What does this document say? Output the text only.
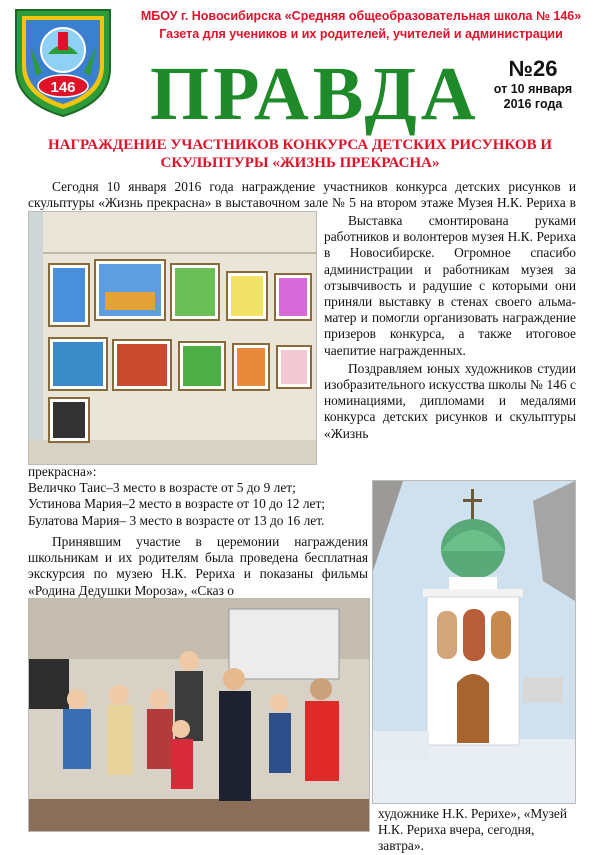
146
МБОУ г. Новосибирска «Средняя общеобразовательная школа № 146»
Газета для учеников и их родителей, учителей и администрации
ПРАВДА	№26
от 10 января
2016 года
НАГРАЖДЕНИЕ УЧАСТНИКОВ КОНКУРСА ДЕТСКИХ РИСУНКОВ И
СКУЛЬПТУРЫ «ЖИЗНЬ ПРЕКРАСНА»

Сегодня 10 января 2016 года награждение участников конкурса детских рисунков и скульптуры «Жизнь прекрасна» в выставочном зале № 5 на втором этаже Музея Н.К. Рериха в

Выставка смонтирована руками работников и волонтеров музея Н.К. Рериха в Новосибирске. Огромное спасибо администрации и работникам музея за отзывчивость и радушие с которыми они приняли выставку в стенах своего альма-матер и помогли организовать награждение призеров конкурса, а также итоговое чаепитие награжденных.

Поздравляем юных художников студии изобразительного искусства школы № 146 с номинациями, дипломами и медалями конкурса детских рисунков и скульптуры «Жизнь

прекрасна»:
Величко Таис–3 место в возрасте от 5 до 9 лет;
Устинова Мария–2 место в возрасте от 10 до 12 лет;
Булатова Мария– 3 место в возрасте от 13 до 16 лет.

Принявшим участие в церемонии награждения школьникам и их родителям была проведена бесплатная экскурсия по музею Н.К. Рериха и показаны фильмы «Родина Дедушки Мороза», «Сказ о

художнике Н.К. Рерихе», «Музей Н.К. Рериха вчера, сегодня, завтра».
